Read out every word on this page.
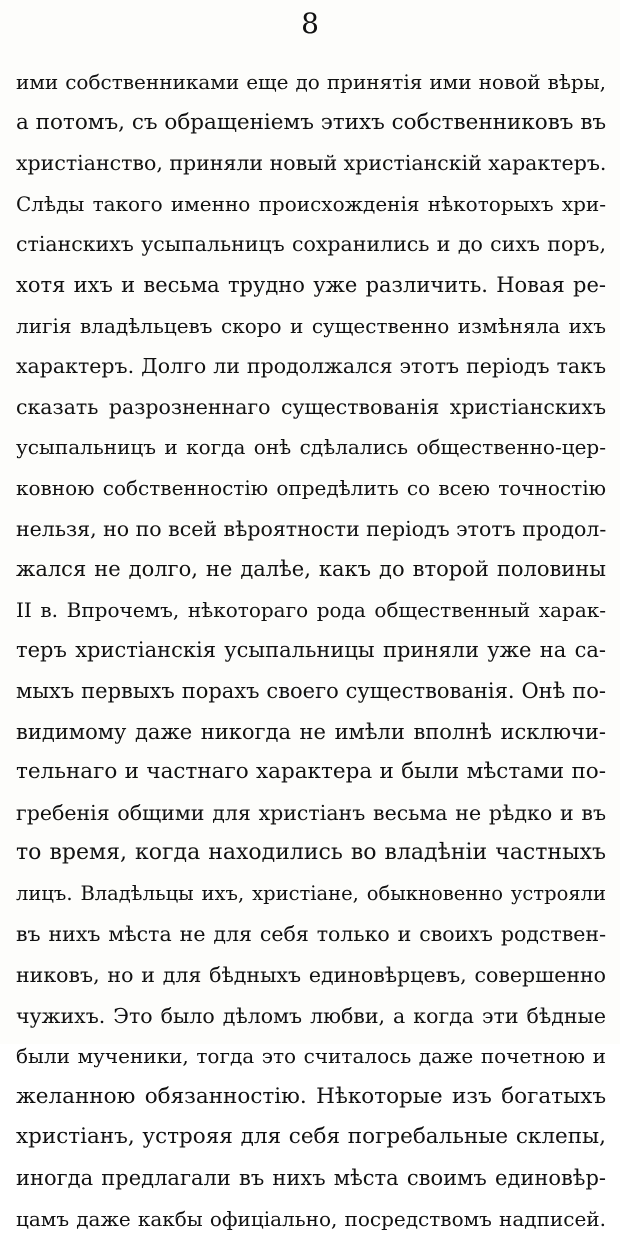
8
ими собственниками еще до принятія ими новой вѣры,
а потомъ, съ обращеніемъ этихъ собственниковъ въ
христіанство, приняли новый христіанскій характеръ.
Слѣды такого именно происхожденія нѣкоторыхъ хри-
стіанскихъ усыпальницъ сохранились и до сихъ поръ,
хотя ихъ и весьма трудно уже различить. Новая ре-
лигія владѣльцевъ скоро и существенно измѣняла ихъ
характеръ. Долго ли продолжался этотъ періодъ такъ
сказать разрозненнаго существованія христіанскихъ
усыпальницъ и когда онѣ сдѣлались общественно-цер-
ковною собственностію опредѣлить со всею точностію
нельзя, но по всей вѣроятности періодъ этотъ продол-
жался не долго, не далѣе, какъ до второй половины
II в. Впрочемъ, нѣкотораго рода общественный харак-
теръ христіанскія усыпальницы приняли уже на са-
мыхъ первыхъ порахъ своего существованія. Онѣ по-
видимому даже никогда не имѣли вполнѣ исключи-
тельнаго и частнаго характера и были мѣстами по-
гребенія общими для христіанъ весьма не рѣдко и въ
то время, когда находились во владѣніи частныхъ
лицъ. Владѣльцы ихъ, христіане, обыкновенно устрояли
въ нихъ мѣста не для себя только и своихъ родствен-
никовъ, но и для бѣдныхъ единовѣрцевъ, совершенно
чужихъ. Это было дѣломъ любви, а когда эти бѣдные
были мученики, тогда это считалось даже почетною и
желанною обязанностію. Нѣкоторые изъ богатыхъ
христіанъ, устрояя для себя погребальные склепы,
иногда предлагали въ нихъ мѣста своимъ единовѣр-
цамъ даже какбы офиціально, посредствомъ надписей.
